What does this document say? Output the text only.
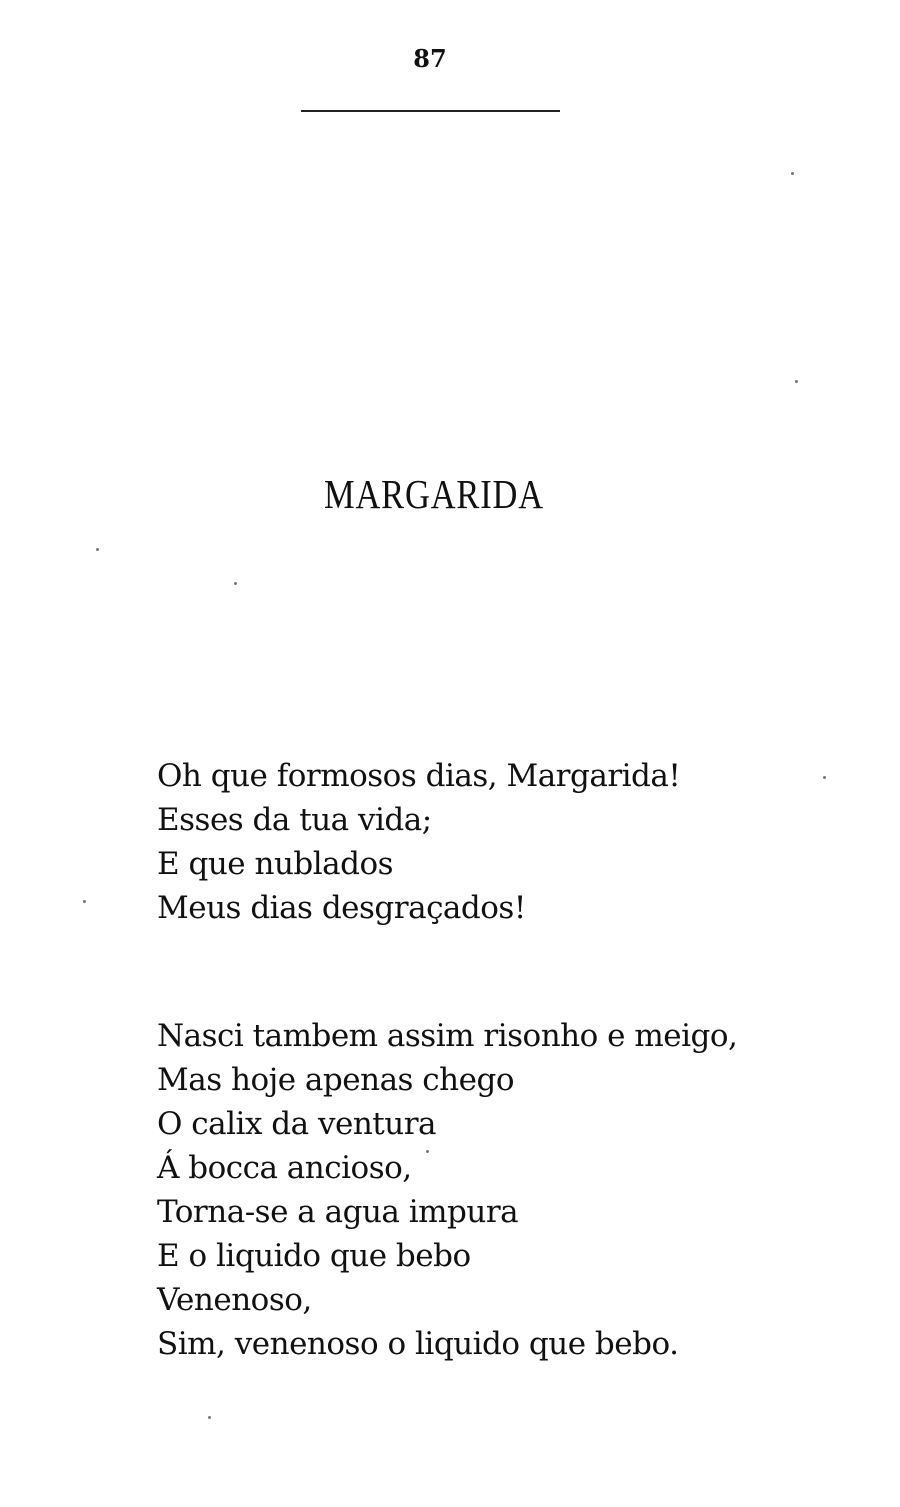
87
MARGARIDA
Oh que formosos dias, Margarida!
Esses da tua vida;
E que nublados
Meus dias desgraçados!
Nasci tambem assim risonho e meigo,
Mas hoje apenas chego
O calix da ventura
Á bocca ancioso,
Torna-se a agua impura
E o liquido que bebo
Venenoso,
Sim, venenoso o liquido que bebo.
